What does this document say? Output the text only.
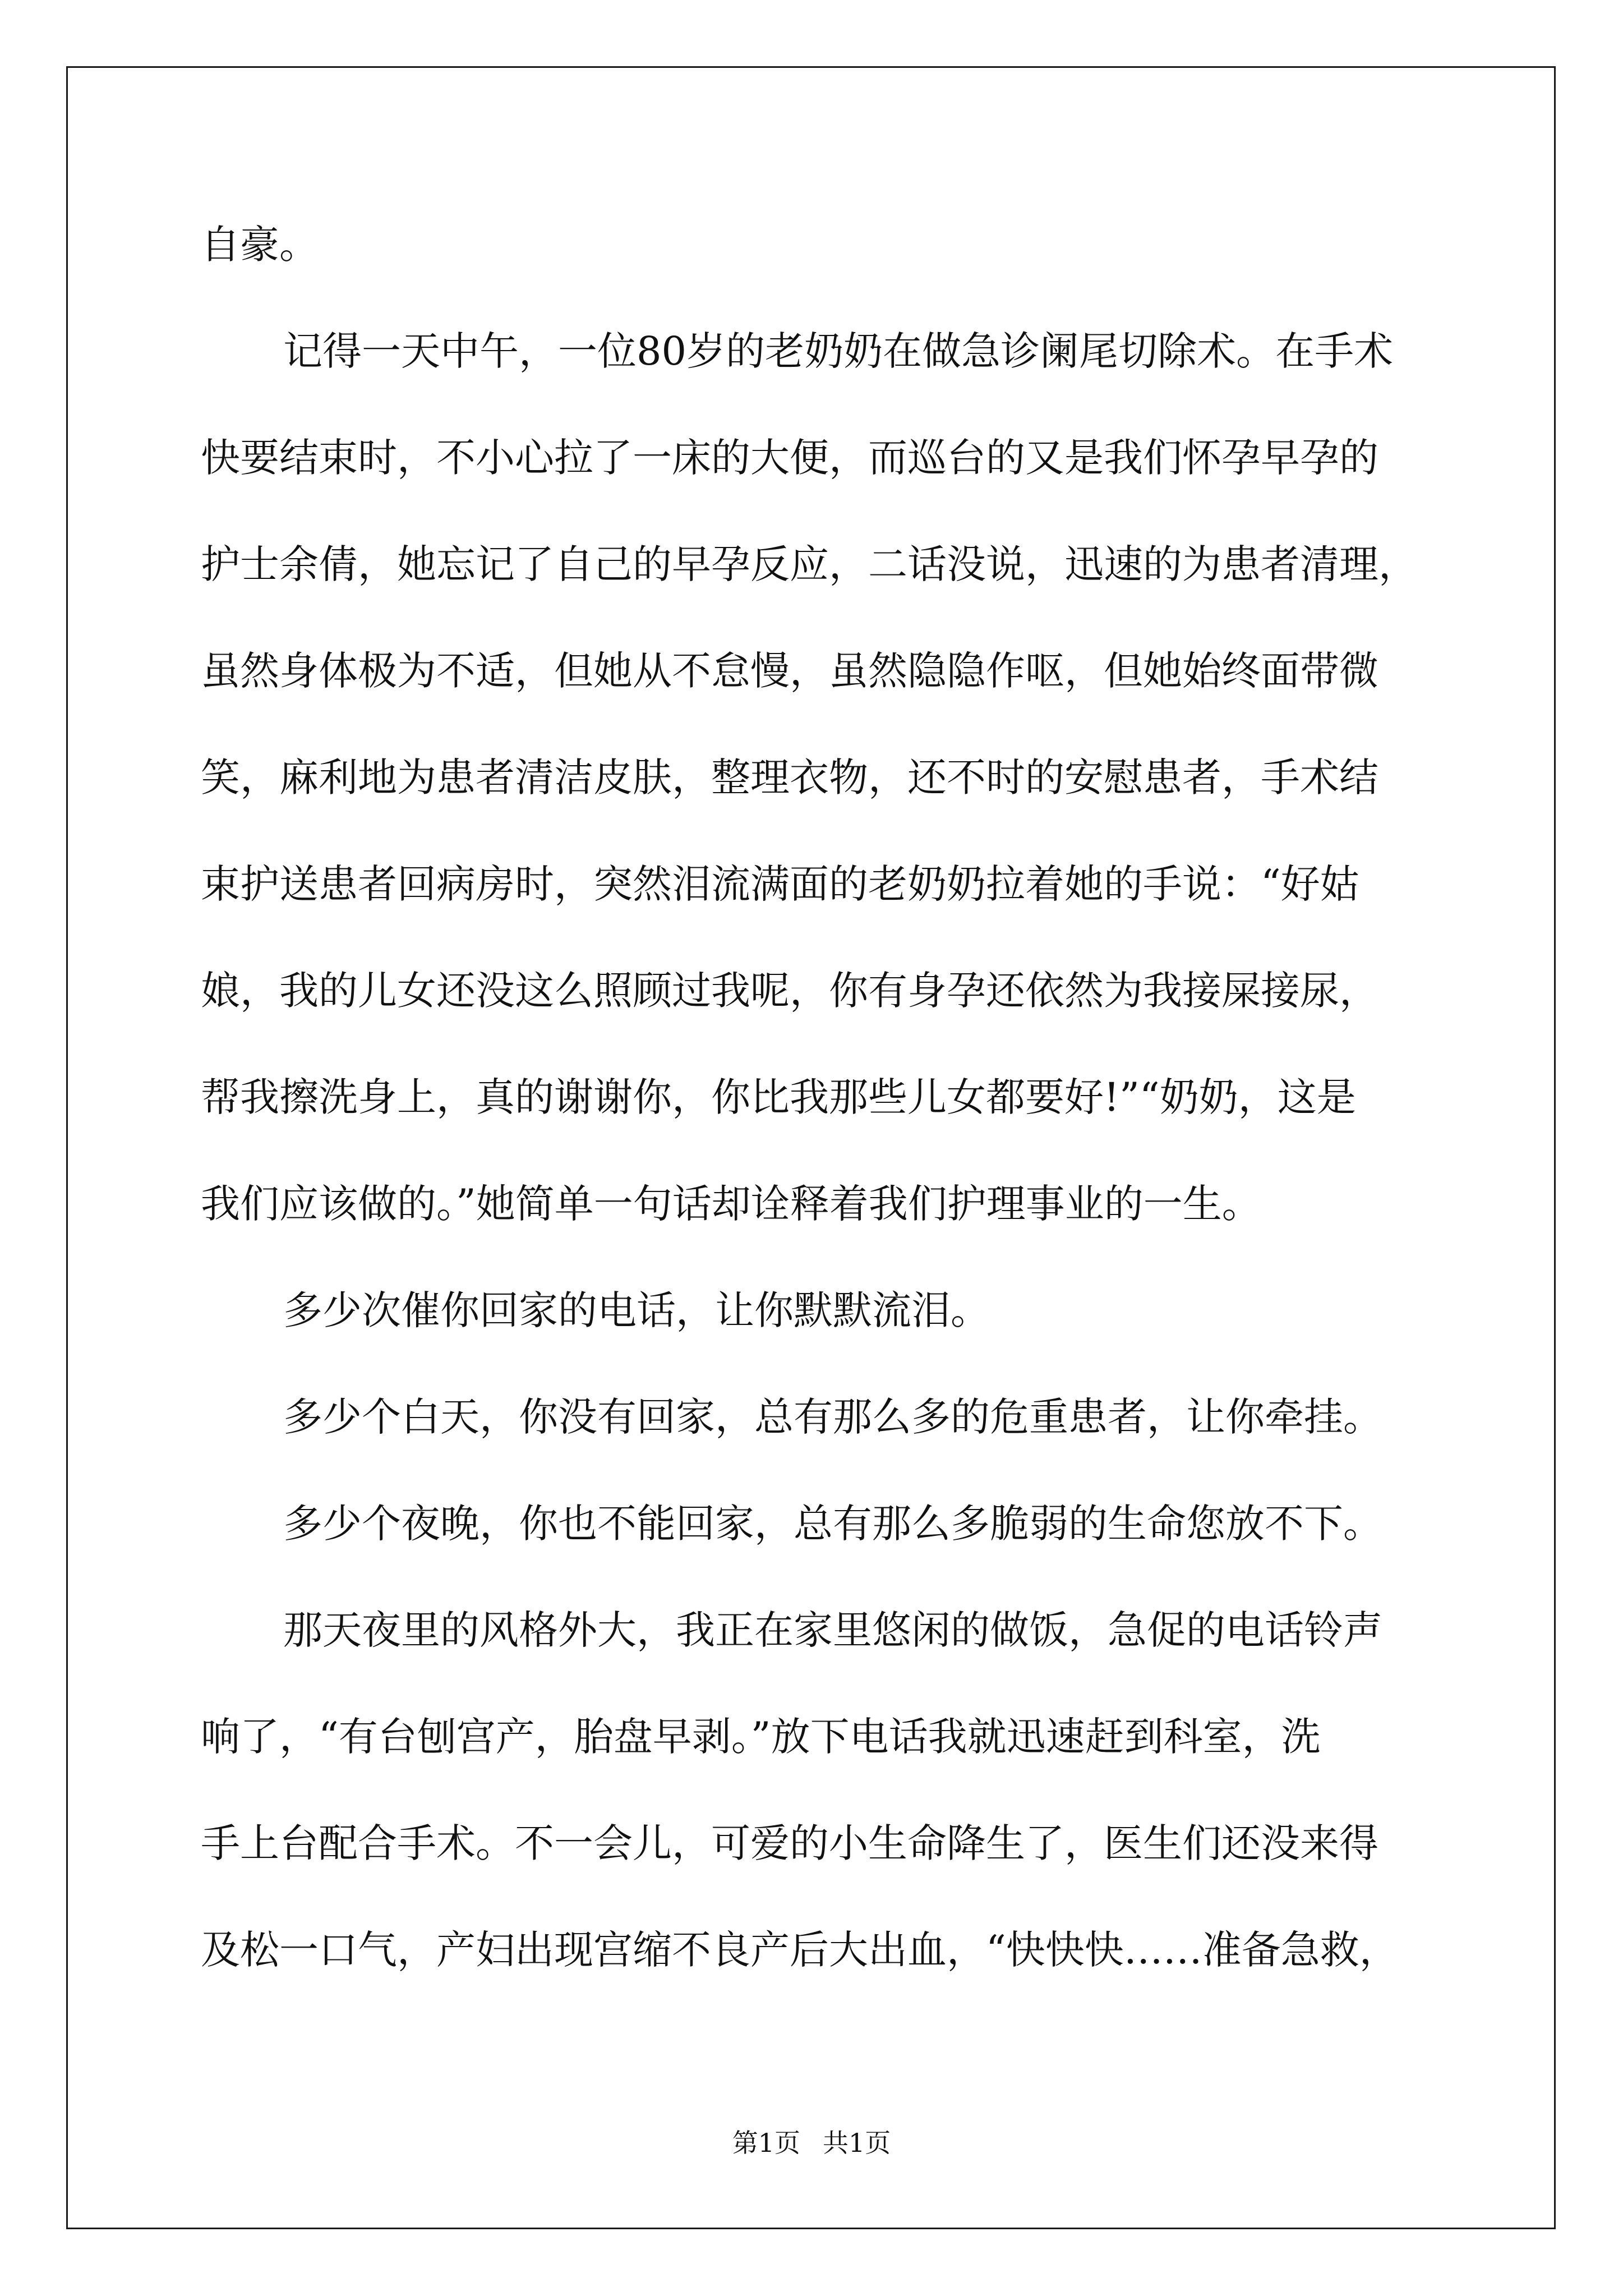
自豪。

记得一天中午，一位80岁的老奶奶在做急诊阑尾切除术。在手术

快要结束时，不小心拉了一床的大便，而巡台的又是我们怀孕早孕的

护士余倩，她忘记了自己的早孕反应，二话没说，迅速的为患者清理，

虽然身体极为不适，但她从不怠慢，虽然隐隐作呕，但她始终面带微

笑，麻利地为患者清洁皮肤，整理衣物，还不时的安慰患者，手术结

束护送患者回病房时，突然泪流满面的老奶奶拉着她的手说：“好姑

娘，我的儿女还没这么照顾过我呢，你有身孕还依然为我接屎接尿，

帮我擦洗身上，真的谢谢你，你比我那些儿女都要好!”“奶奶，这是

我们应该做的。”她简单一句话却诠释着我们护理事业的一生。

多少次催你回家的电话，让你默默流泪。

多少个白天，你没有回家，总有那么多的危重患者，让你牵挂。

多少个夜晚，你也不能回家，总有那么多脆弱的生命您放不下。

那天夜里的风格外大，我正在家里悠闲的做饭，急促的电话铃声

响了，“有台刨宫产，胎盘早剥。”放下电话我就迅速赶到科室，洗

手上台配合手术。不一会儿，可爱的小生命降生了，医生们还没来得

及松一口气，产妇出现宫缩不良产后大出血，“快快快……准备急救，

第1页 共1页
